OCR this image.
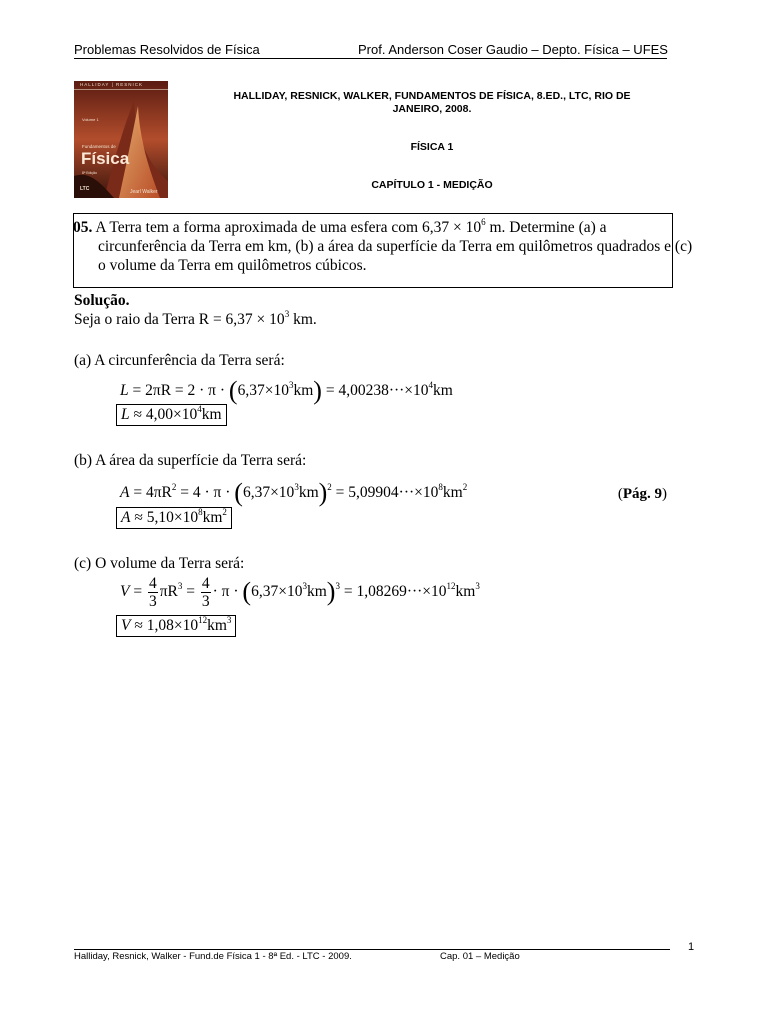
Problemas Resolvidos de Física	Prof. Anderson Coser Gaudio – Depto. Física – UFES
HALLIDAY | RESNICK
Volume 1
Fundamentos de
Física
8ª Edição
LTC	Jearl Walker
HALLIDAY, RESNICK, WALKER, FUNDAMENTOS DE FÍSICA, 8.ED., LTC, RIO DE
JANEIRO, 2008.
FÍSICA 1
CAPÍTULO 1 - MEDIÇÃO
(Pág. 9)
05. A Terra tem a forma aproximada de uma esfera com $6,37 \times 10^6$ m. Determine (a) a
circunferência da Terra em km, (b) a área da superfície da Terra em quilômetros quadrados e (c)
o volume da Terra em quilômetros cúbicos.
Solução.
Seja o raio da Terra $R = 6,37 \times 10^3$ km.
(a) A circunferência da Terra será:
$L = 2\pi R = 2 \cdot \pi \cdot (6,37\times 10^3km) = 4,00238\cdot\cdot\cdot\times 10^4km$
$L \approx 4,00\times 10^4km$
(b) A área da superfície da Terra será:
$A = 4\pi R^2 = 4 \cdot \pi \cdot (6,37\times 10^3km)^2 = 5,09904\cdot\cdot\cdot\times 10^8km^2$
$A \approx 5,10\times 10^8km^2$
(c) O volume da Terra será:
$V = \frac{4}{3} \pi R^3 = \frac{4}{3} \cdot \pi \cdot (6,37\times 10^3km)^3 = 1,08269\cdot\cdot\cdot\times 10^{12}km^3$
$V \approx 1,08\times 10^{12}km^3$
Halliday, Resnick, Walker - Fund.de Física 1 - 8ª Ed. - LTC - 2009.	Cap. 01 – Medição
1
